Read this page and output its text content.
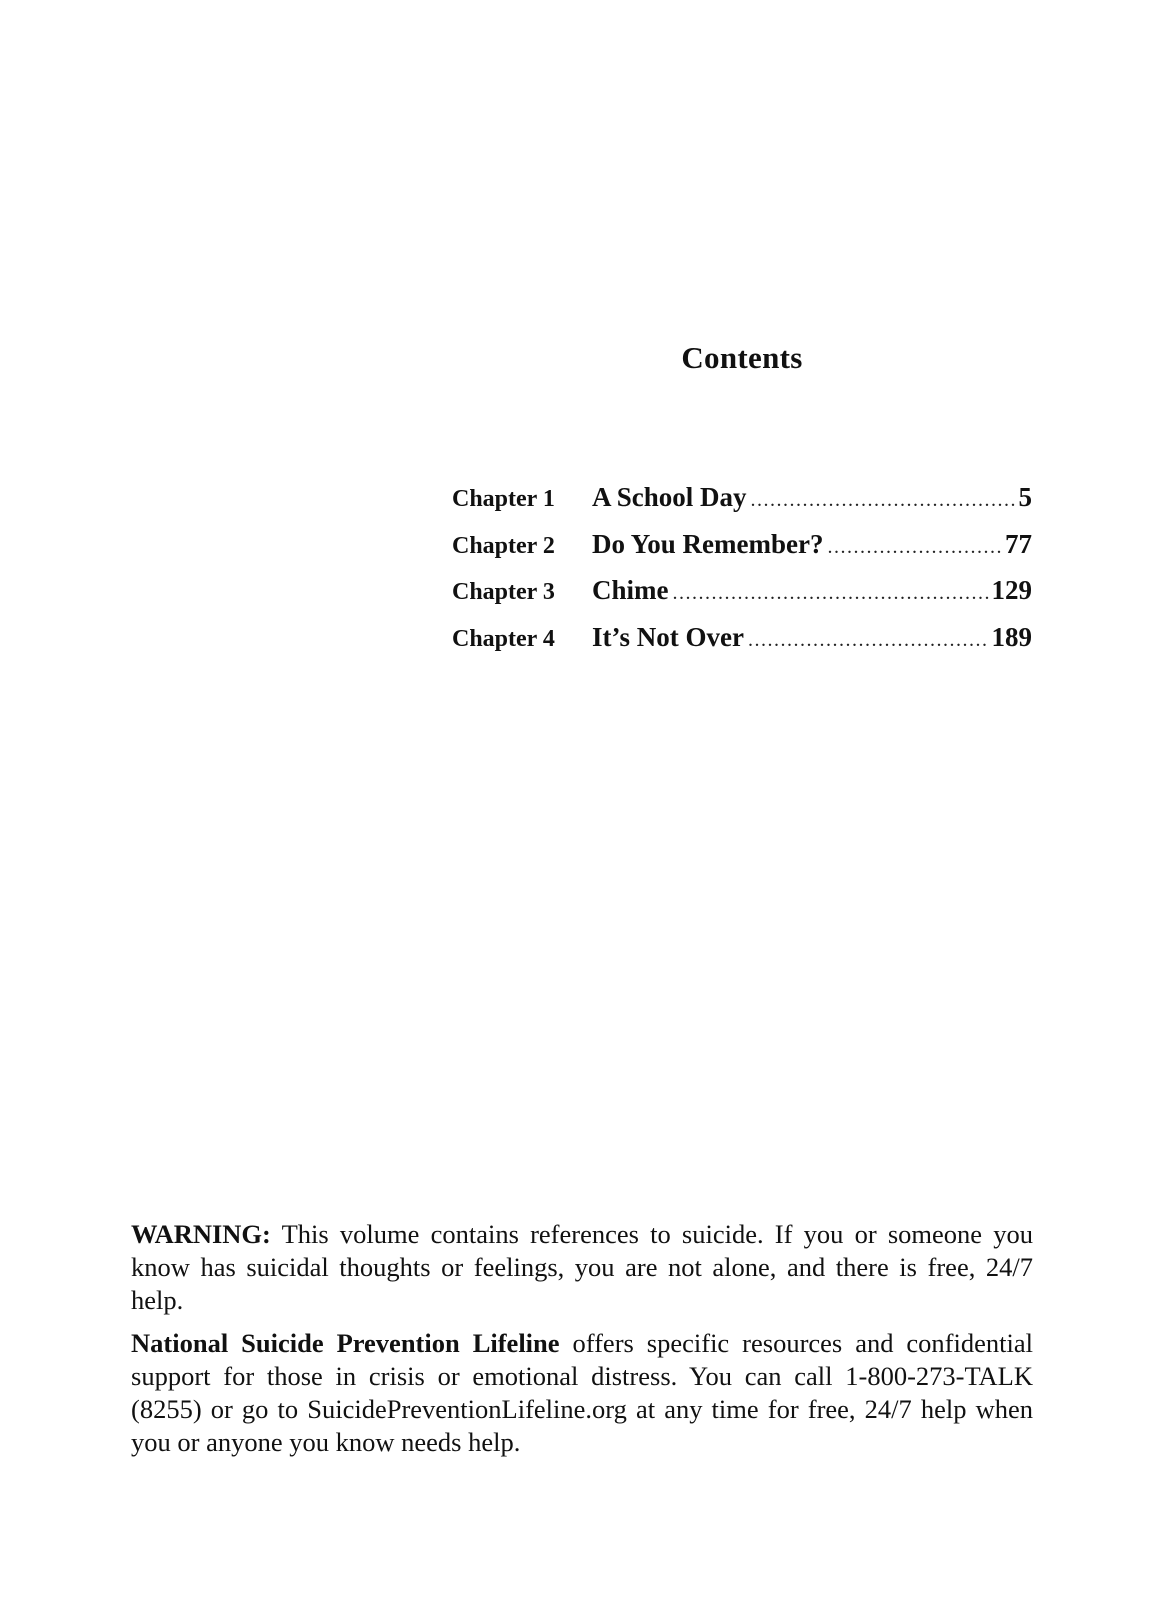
Contents
Chapter 1	A School Day .....	5
Chapter 2	Do You Remember? .....	77
Chapter 3	Chime .....	129
Chapter 4	It’s Not Over .....	189

WARNING: This volume contains references to suicide. If you or someone you know has suicidal thoughts or feelings, you are not alone, and there is free, 24/7 help.

National Suicide Prevention Lifeline offers specific resources and confidential support for those in crisis or emotional distress. You can call 1-800-273-TALK (8255) or go to SuicidePreventionLifeline.org at any time for free, 24/7 help when you or anyone you know needs help.
